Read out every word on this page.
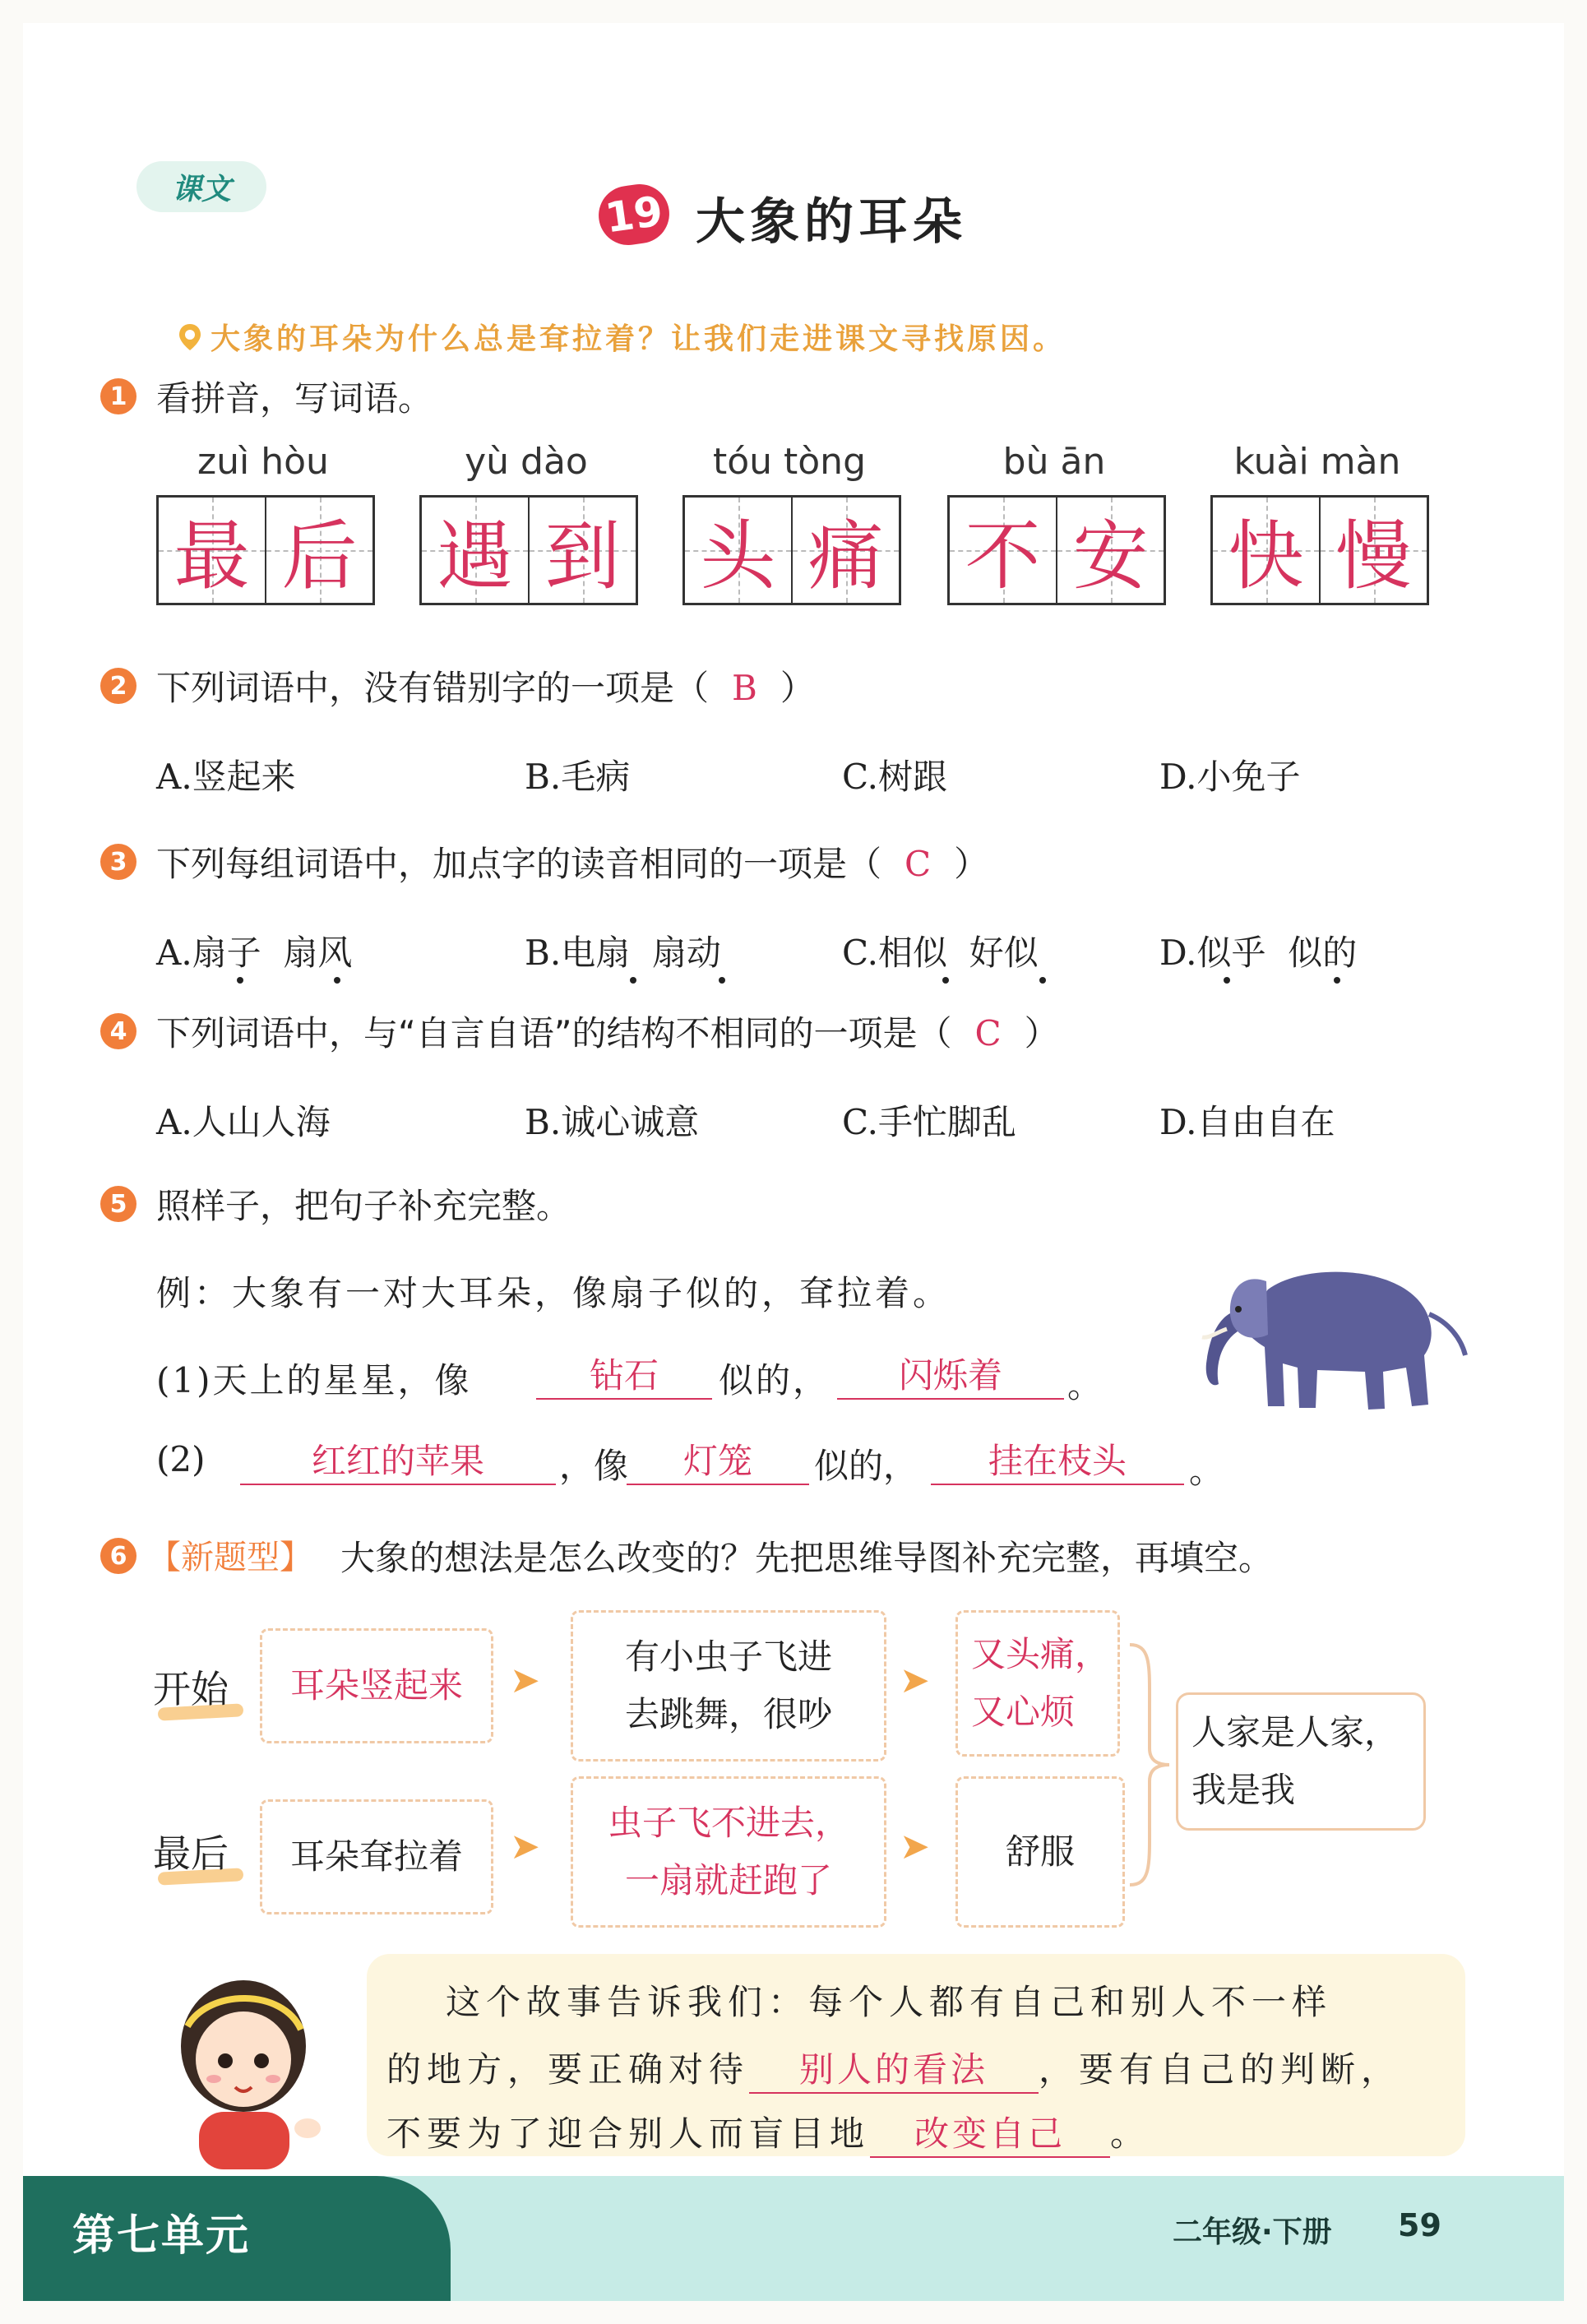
课文	19 大象的耳朵
大象的耳朵为什么总是耷拉着？让我们走进课文寻找原因。
1 看拼音，写词语。
zuì hòu
最 后
yù dào
遇 到
tóu tòng
头 痛
bù ān
不 安
kuài màn
快 慢
2 下列词语中，没有错别字的一项是（ B ）
A.竖起来	B.毛病	C.树跟	D.小免子
3 下列每组词语中，加点字的读音相同的一项是（ C ）
A.扇子  扇风	B.电扇  扇动	C.相似  好似	D.似乎  似的
4 下列词语中，与“自言自语”的结构不相同的一项是（ C ）
A.人山人海	B.诚心诚意	C.手忙脚乱	D.自由自在
5 照样子，把句子补充完整。
例：大象有一对大耳朵，像扇子似的，耷拉着。
(1)天上的星星，像	钻石	似的，	闪烁着	。
(2)	红红的苹果	，像	灯笼	似的，	挂在枝头	。
6 【新题型】 大象的想法是怎么改变的？先把思维导图补充完整，再填空。
开始	耳朵竖起来	➤
有小虫子飞进
去跳舞，很吵
➤
又头痛，
又心烦
最后	耳朵耷拉着	➤
虫子飞不进去，
一扇就赶跑了
➤	舒服
人家是人家，
我是我
这个故事告诉我们：每个人都有自己和别人不一样
的地方，要正确对待 别人的看法 ，要有自己的判断，
不要为了迎合别人而盲目地 改变自己 。
第七单元	二年级·下册 59
